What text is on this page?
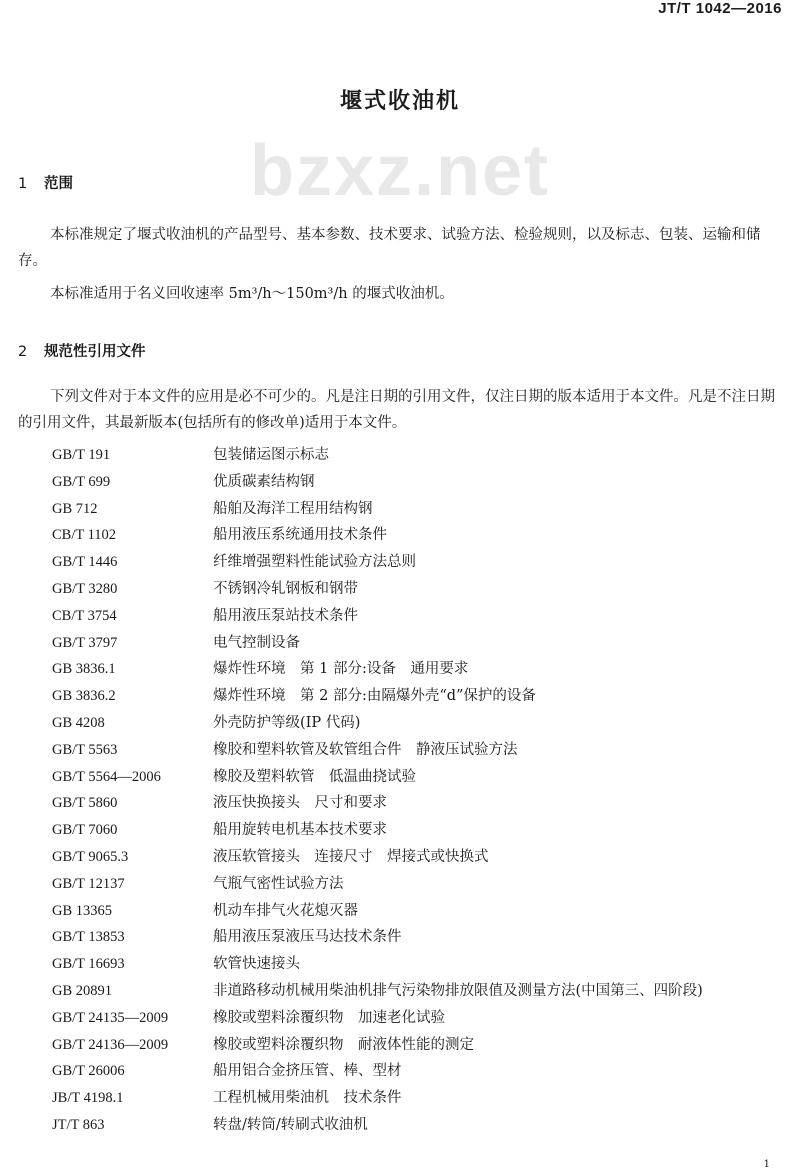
JT/T 1042—2016
bzxz.net
堰式收油机
1 范围

本标准规定了堰式收油机的产品型号、基本参数、技术要求、试验方法、检验规则，以及标志、包装、运输和储存。

本标准适用于名义回收速率 5m³/h～150m³/h 的堰式收油机。

2 规范性引用文件

下列文件对于本文件的应用是必不可少的。凡是注日期的引用文件，仅注日期的版本适用于本文件。凡是不注日期的引用文件，其最新版本(包括所有的修改单)适用于本文件。

GB/T 191	包装储运图示标志
GB/T 699	优质碳素结构钢
GB 712	船舶及海洋工程用结构钢
CB/T 1102	船用液压系统通用技术条件
GB/T 1446	纤维增强塑料性能试验方法总则
GB/T 3280	不锈钢冷轧钢板和钢带
CB/T 3754	船用液压泵站技术条件
GB/T 3797	电气控制设备
GB 3836.1	爆炸性环境　第 1 部分:设备　通用要求
GB 3836.2	爆炸性环境　第 2 部分:由隔爆外壳“d”保护的设备
GB 4208	外壳防护等级(IP 代码)
GB/T 5563	橡胶和塑料软管及软管组合件　静液压试验方法
GB/T 5564—2006	橡胶及塑料软管　低温曲挠试验
GB/T 5860	液压快换接头　尺寸和要求
GB/T 7060	船用旋转电机基本技术要求
GB/T 9065.3	液压软管接头　连接尺寸　焊接式或快换式
GB/T 12137	气瓶气密性试验方法
GB 13365	机动车排气火花熄灭器
GB/T 13853	船用液压泵液压马达技术条件
GB/T 16693	软管快速接头
GB 20891	非道路移动机械用柴油机排气污染物排放限值及测量方法(中国第三、四阶段)
GB/T 24135—2009	橡胶或塑料涂覆织物　加速老化试验
GB/T 24136—2009	橡胶或塑料涂覆织物　耐液体性能的测定
GB/T 26006	船用铝合金挤压管、棒、型材
JB/T 4198.1	工程机械用柴油机　技术条件
JT/T 863	转盘/转筒/转刷式收油机
1
